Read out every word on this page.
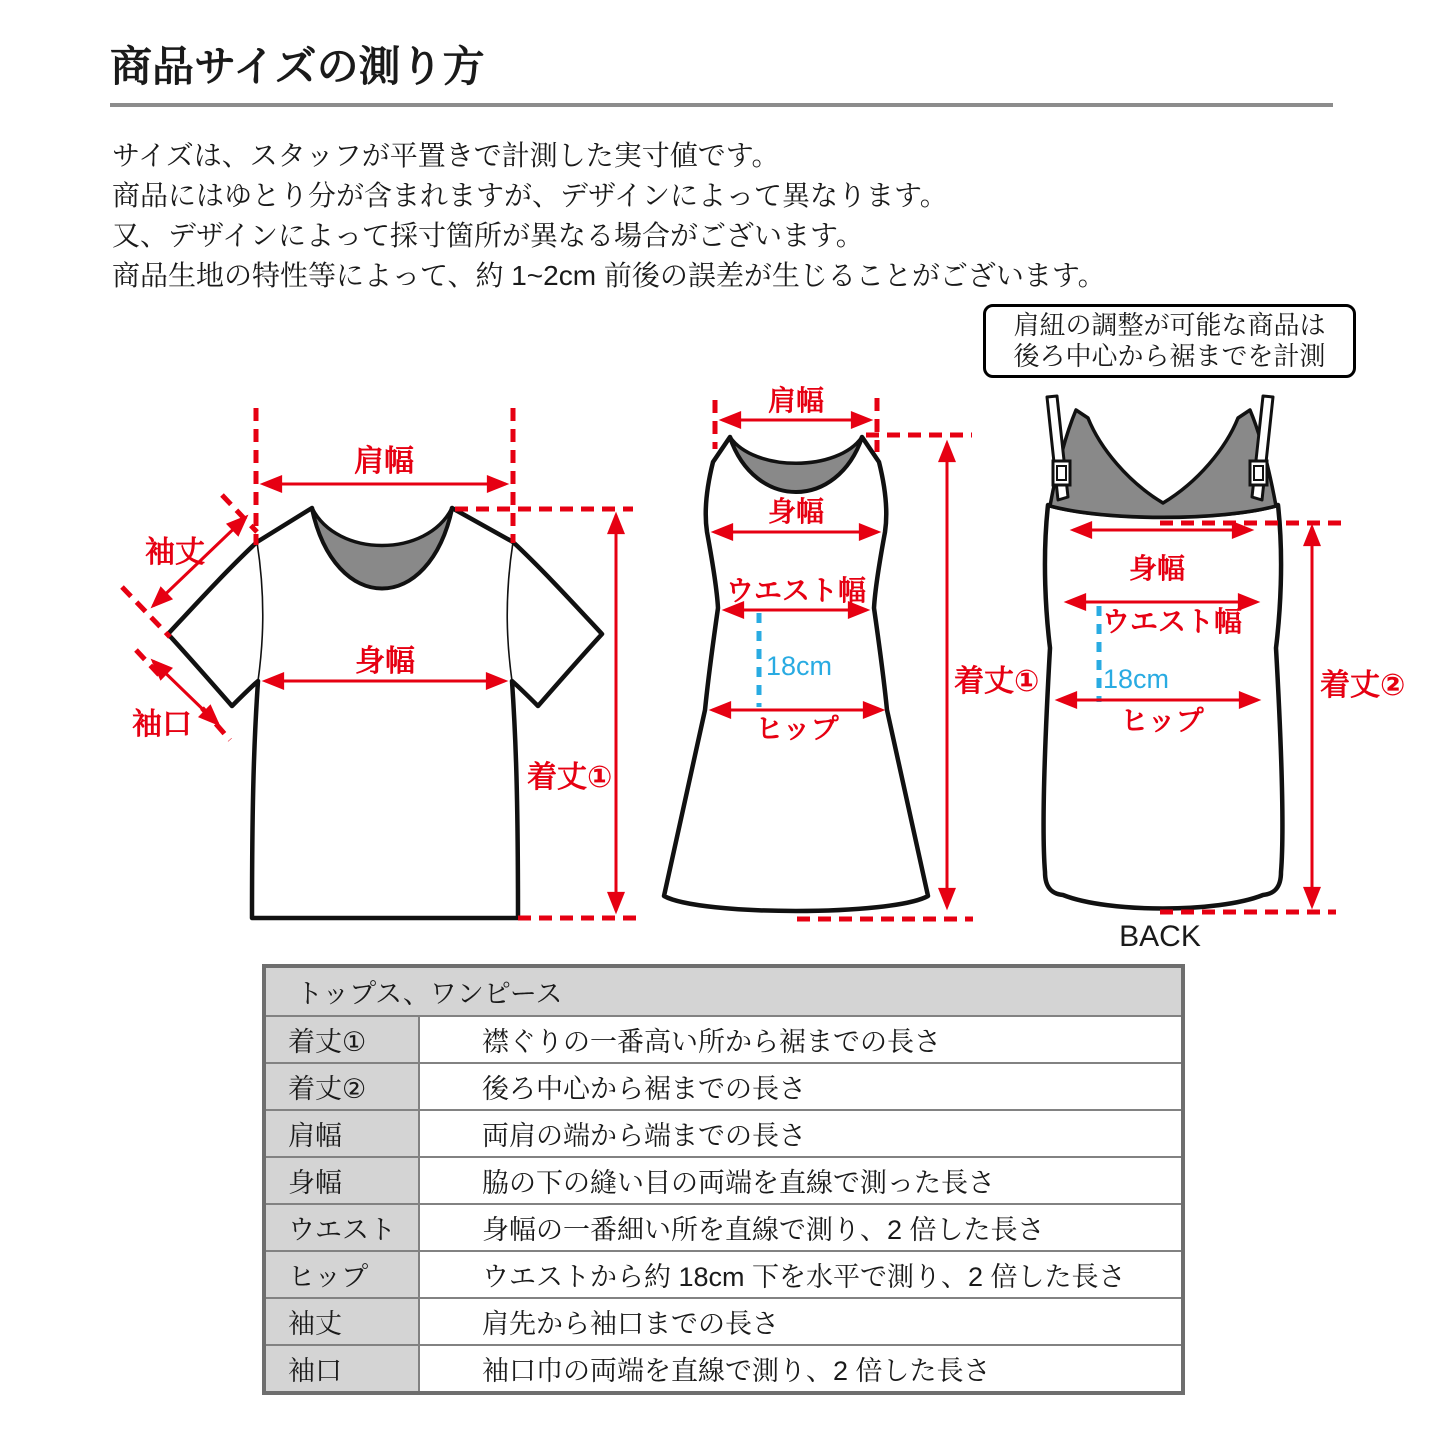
商品サイズの測り方

サイズは、スタッフが平置きで計測した実寸値です。

商品にはゆとり分が含まれますが、デザインによって異なります。

又、デザインによって採寸箇所が異なる場合がございます。

商品生地の特性等によって、約 1~2cm 前後の誤差が生じることがございます。

肩紐の調整が可能な商品は
後ろ中心から裾までを計測
肩幅
袖丈
袖口
身幅
着丈①
肩幅
身幅
ウエスト幅
18cm
ヒップ
着丈①
身幅
ウエスト幅
18cm
ヒップ
着丈②
BACK
トップス、ワンピース
着丈①	襟ぐりの一番高い所から裾までの長さ
着丈②	後ろ中心から裾までの長さ
肩幅	両肩の端から端までの長さ
身幅	脇の下の縫い目の両端を直線で測った長さ
ウエスト	身幅の一番細い所を直線で測り、2 倍した長さ
ヒップ	ウエストから約 18cm 下を水平で測り、2 倍した長さ
袖丈	肩先から袖口までの長さ
袖口	袖口巾の両端を直線で測り、2 倍した長さ
